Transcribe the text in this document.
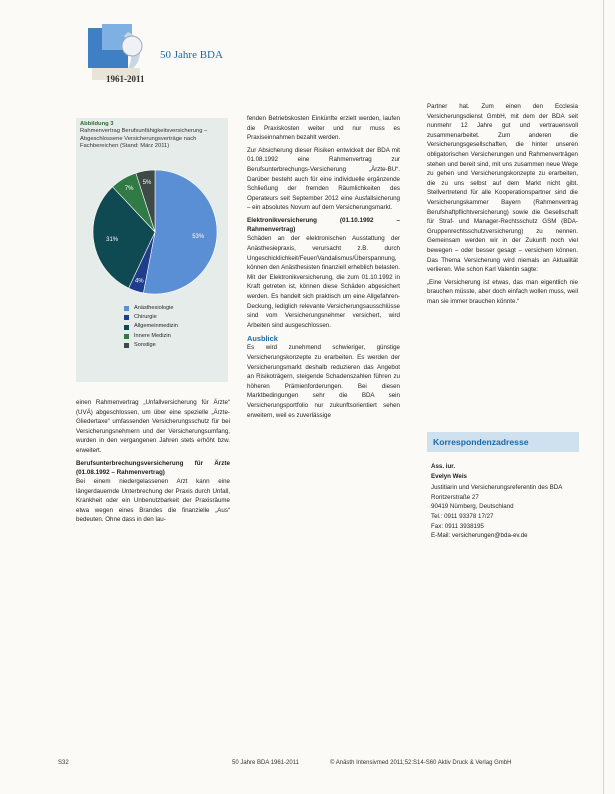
1961-2011
50 Jahre BDA
Abbildung 3
Rahmenvertrag Berufsunfähigkeitsversicherung – Abgeschlossene Versicherungsverträge nach Fachbereichen (Stand: März 2011)
53%
4%
31%
7%
5%
Anästhesiologie
Chirurgie
Allgemeinmedizin
Innere Medizin
Sonstige

einen Rahmenvertrag „Unfallversicherung für Ärzte“ (UVÄ) abgeschlossen, um über eine spezielle „Ärzte-Gliedertaxe“ umfassenden Versicherungsschutz für bei Versicherungsnehmern und der Versicherungsumfang, wurden in den vergangenen Jahren stets erhöht bzw. erweitert.

Berufsunterbrechungsversicherung für Ärzte (01.08.1992 – Rahmenvertrag)

Bei einem niedergelassenen Arzt kann eine längerdauernde Unterbrechung der Praxis durch Unfall, Krankheit oder ein Unbenutzbarkeit der Praxisräume etwa wegen eines Brandes die finanzielle „Aus“ bedeuten. Ohne dass in den lau-

fenden Betriebskosten Einkünfte erzielt werden, laufen die Praxiskosten weiter und nur muss es Praxiseinnahmen bezahlt werden.

Zur Absicherung dieser Risiken entwickelt der BDA mit 01.08.1992 eine Rahmenvertrag zur Berufsunterbrechungs-Versicherung „Ärzte-BU“. Darüber besteht auch für eine individuelle ergänzende Schließung der fremden Räumlichkeiten des Operateurs seit September 2012 eine Ausfallsicherung – ein absolutes Novum auf dem Versicherungsmarkt.

Elektronikversicherung (01.10.1992 – Rahmenvertrag)

Schäden an der elektronischen Ausstattung der Anästhesiepraxis, verursacht z.B. durch Ungeschicklichkeit/Feuer/Vandalismus/Überspannung, können den Anästhesisten finanziell erheblich belasten. Mit der Elektronikversicherung, die zum 01.10.1992 in Kraft getreten ist, können diese Schäden abgesichert werden. Es handelt sich praktisch um eine Allgefahren-Deckung, lediglich relevante Versicherungsausschlüsse sind vom Versicherungsnehmer versichert, wird Arbeiten sind ausgeschlossen.

Ausblick

Es wird zunehmend schwieriger, günstige Versicherungskonzepte zu erarbeiten. Es werden der Versicherungsmarkt deshalb reduzieren das Angebot an Risikoträgern, steigende Schadenszahlen führen zu höheren Prämienforderungen. Bei diesen Marktbedingungen sehr die BDA sein Versicherungsportfolio nur zukunftsorientiert sehen erweitern, weil es zuverlässige

Partner hat. Zum einen den Ecclesia Versicherungsdienst GmbH, mit dem der BDA seit nunmehr 12 Jahre gut und vertrauensvoll zusammenarbeitet. Zum anderen die Versicherungsgesellschaften, die hinter unseren obligatorischen Versicherungen und Rahmenverträgen stehen und bereit sind, mit uns zusammen neue Wege zu gehen und Versicherungskonzepte zu erarbeiten, die zu uns selbst auf dem Markt nicht gibt. Stellvertretend für alle Kooperationspartner sind die Versicherungskammer Bayern (Rahmenvertrag Berufshaftpflichtversicherung) sowie die Gesellschaft für Straf- und Manager-Rechtsschutz GSM (BDA-Gruppenrechtsschutzversicherung) zu nennen. Gemeinsam werden wir in der Zukunft noch viel bewegen – oder besser gesagt – versichern können. Das Thema Versicherung wird niemals an Aktualität verlieren. Wie schon Karl Valentin sagte:

„Eine Versicherung ist etwas, das man eigentlich nie brauchen müsste, aber doch einfach wollen muss, weil man sie immer brauchen könnte.“

Korrespondenzadresse
Ass. iur.
Evelyn Weis
Justitiarin und Versicherungsreferentin des BDA
Roritzerstraße 27
90419 Nürnberg, Deutschland
Tel.: 0911 93378 17/27
Fax: 0911 3938195
E-Mail: versicherungen@bda-ev.de
S32	50 Jahre BDA 1961-2011	© Anästh Intensivmed 2011;52:S14-S60 Aktiv Druck & Verlag GmbH
